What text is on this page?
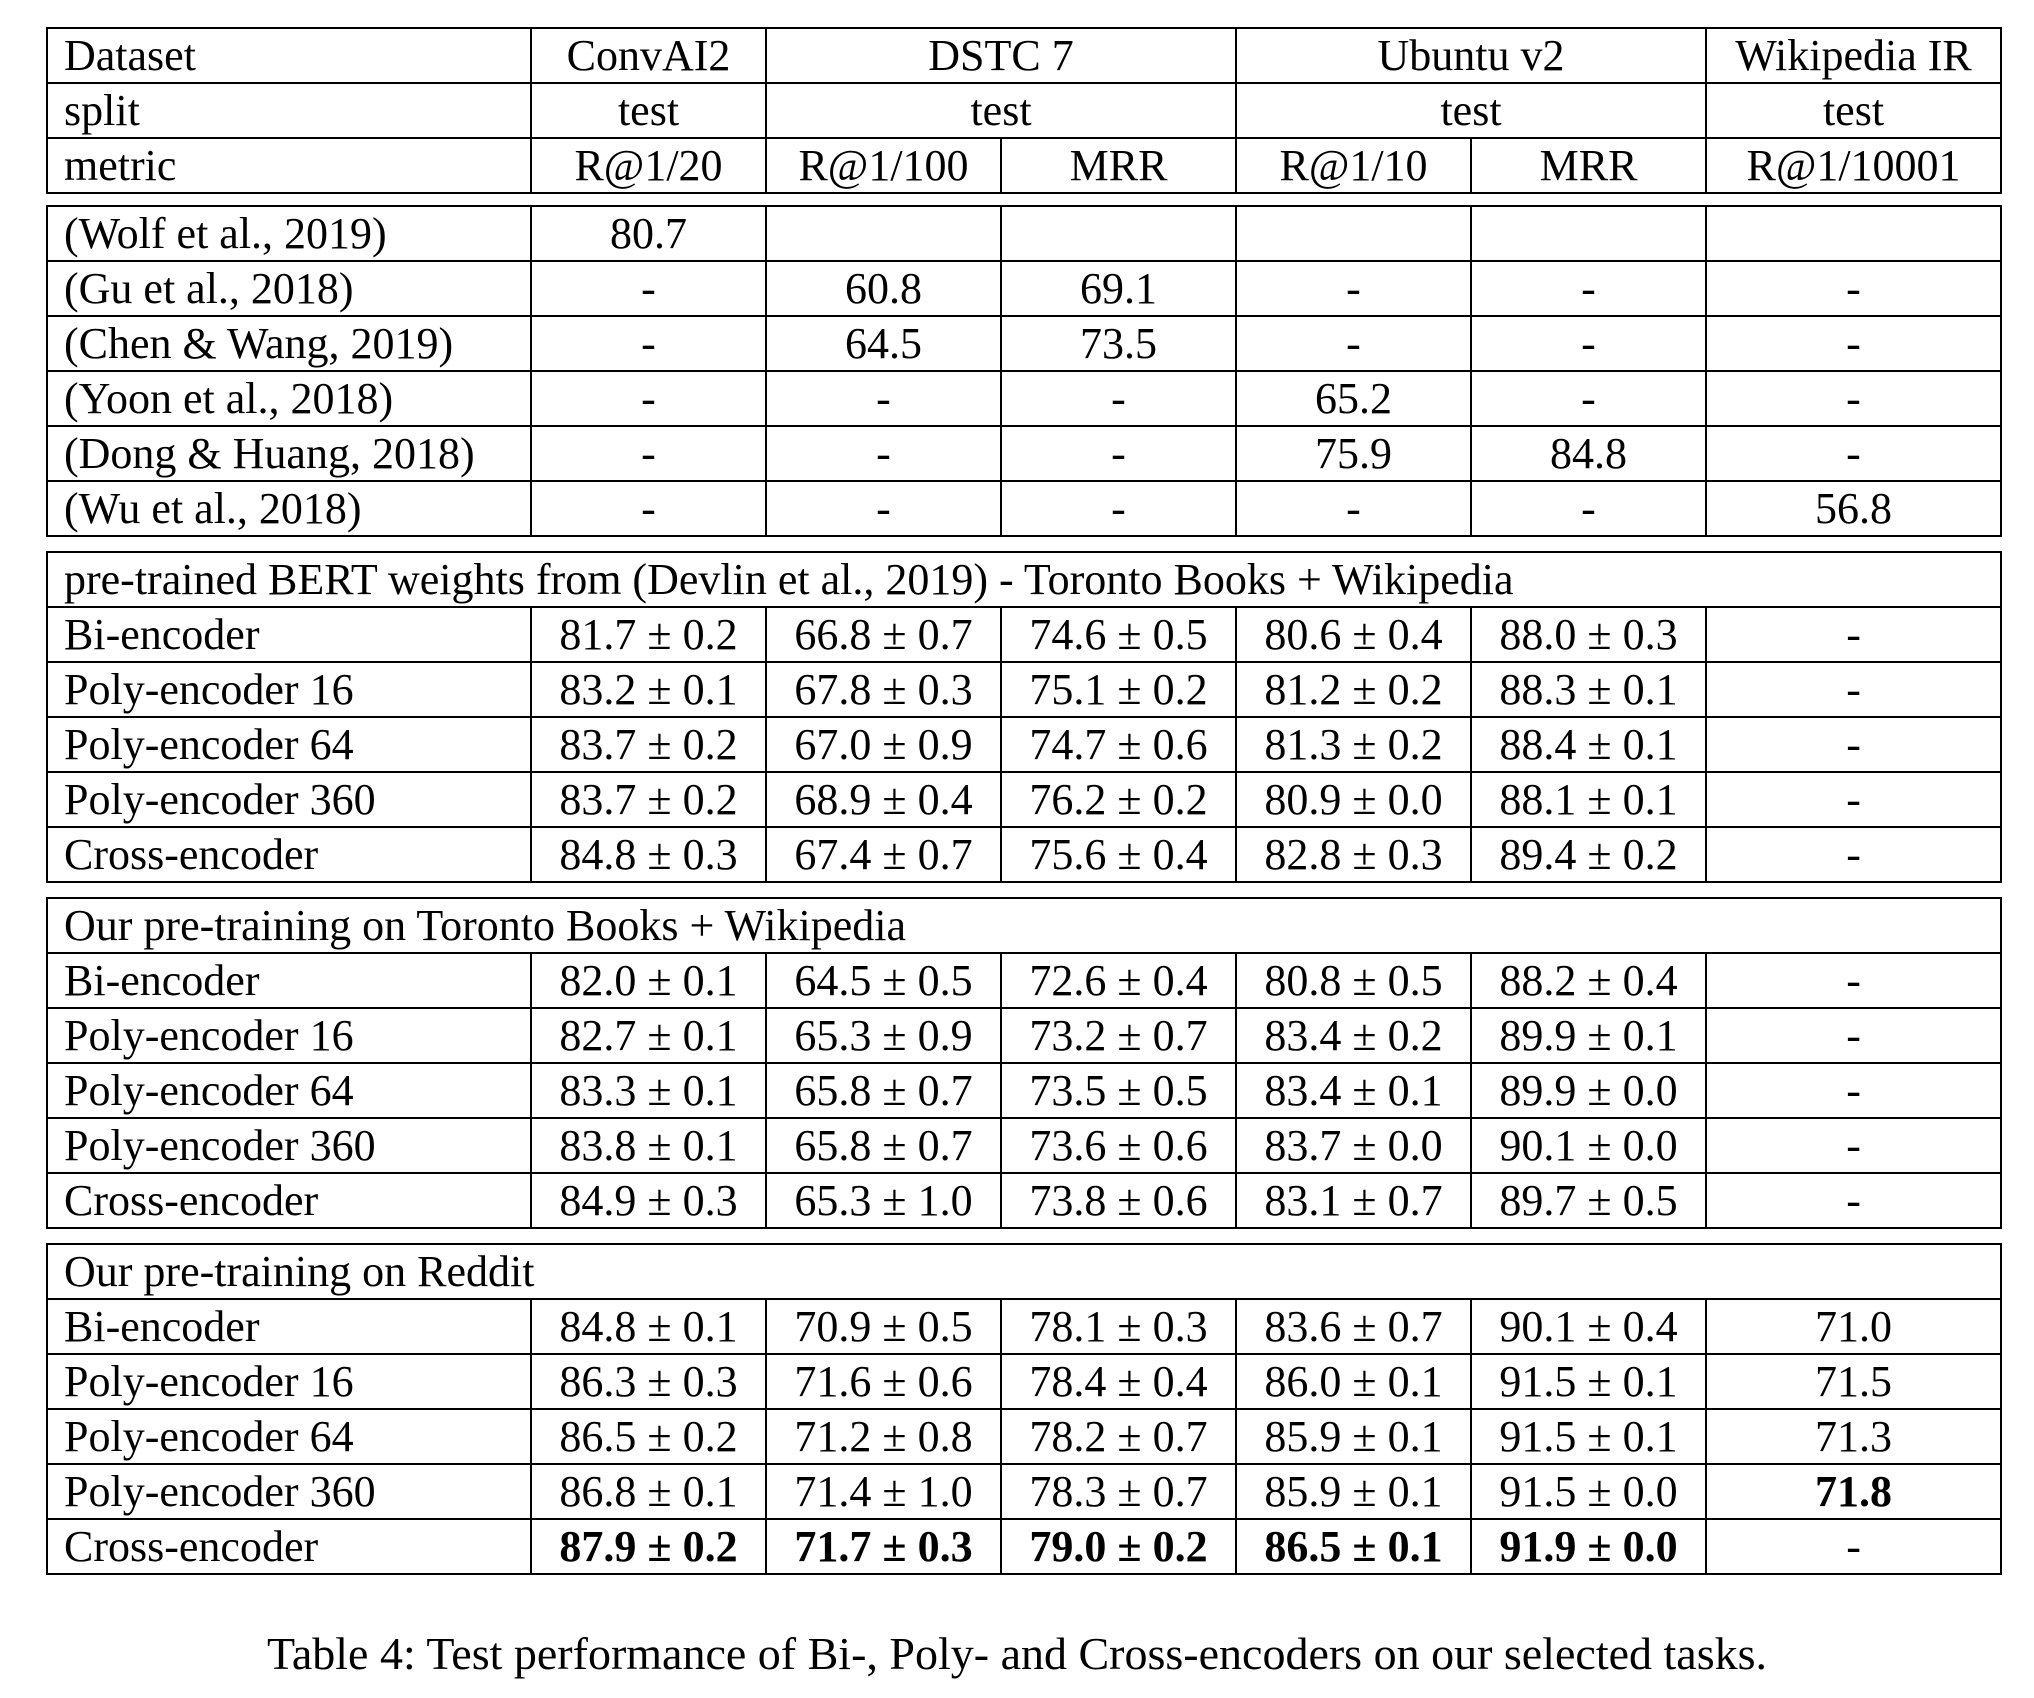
Dataset	ConvAI2	DSTC 7		Ubuntu v2		Wikipedia IR
split	test	test		test		test
metric	R@1/20	R@1/100	MRR	R@1/10	MRR	R@1/10001
(Wolf et al., 2019)	80.7					
(Gu et al., 2018)	-	60.8	69.1	-	-	-
(Chen & Wang, 2019)	-	64.5	73.5	-	-	-
(Yoon et al., 2018)	-	-	-	65.2	-	-
(Dong & Huang, 2018)	-	-	-	75.9	84.8	-
(Wu et al., 2018)	-	-	-	-	-	56.8
pre-trained BERT weights from (Devlin et al., 2019) - Toronto Books + Wikipedia						
Bi-encoder	81.7 ± 0.2	66.8 ± 0.7	74.6 ± 0.5	80.6 ± 0.4	88.0 ± 0.3	-
Poly-encoder 16	83.2 ± 0.1	67.8 ± 0.3	75.1 ± 0.2	81.2 ± 0.2	88.3 ± 0.1	-
Poly-encoder 64	83.7 ± 0.2	67.0 ± 0.9	74.7 ± 0.6	81.3 ± 0.2	88.4 ± 0.1	-
Poly-encoder 360	83.7 ± 0.2	68.9 ± 0.4	76.2 ± 0.2	80.9 ± 0.0	88.1 ± 0.1	-
Cross-encoder	84.8 ± 0.3	67.4 ± 0.7	75.6 ± 0.4	82.8 ± 0.3	89.4 ± 0.2	-
Our pre-training on Toronto Books + Wikipedia						
Bi-encoder	82.0 ± 0.1	64.5 ± 0.5	72.6 ± 0.4	80.8 ± 0.5	88.2 ± 0.4	-
Poly-encoder 16	82.7 ± 0.1	65.3 ± 0.9	73.2 ± 0.7	83.4 ± 0.2	89.9 ± 0.1	-
Poly-encoder 64	83.3 ± 0.1	65.8 ± 0.7	73.5 ± 0.5	83.4 ± 0.1	89.9 ± 0.0	-
Poly-encoder 360	83.8 ± 0.1	65.8 ± 0.7	73.6 ± 0.6	83.7 ± 0.0	90.1 ± 0.0	-
Cross-encoder	84.9 ± 0.3	65.3 ± 1.0	73.8 ± 0.6	83.1 ± 0.7	89.7 ± 0.5	-
Our pre-training on Reddit						
Bi-encoder	84.8 ± 0.1	70.9 ± 0.5	78.1 ± 0.3	83.6 ± 0.7	90.1 ± 0.4	71.0
Poly-encoder 16	86.3 ± 0.3	71.6 ± 0.6	78.4 ± 0.4	86.0 ± 0.1	91.5 ± 0.1	71.5
Poly-encoder 64	86.5 ± 0.2	71.2 ± 0.8	78.2 ± 0.7	85.9 ± 0.1	91.5 ± 0.1	71.3
Poly-encoder 360	86.8 ± 0.1	71.4 ± 1.0	78.3 ± 0.7	85.9 ± 0.1	91.5 ± 0.0	71.8
Cross-encoder	87.9 ± 0.2	71.7 ± 0.3	79.0 ± 0.2	86.5 ± 0.1	91.9 ± 0.0	-
Table 4: Test performance of Bi-, Poly- and Cross-encoders on our selected tasks.
